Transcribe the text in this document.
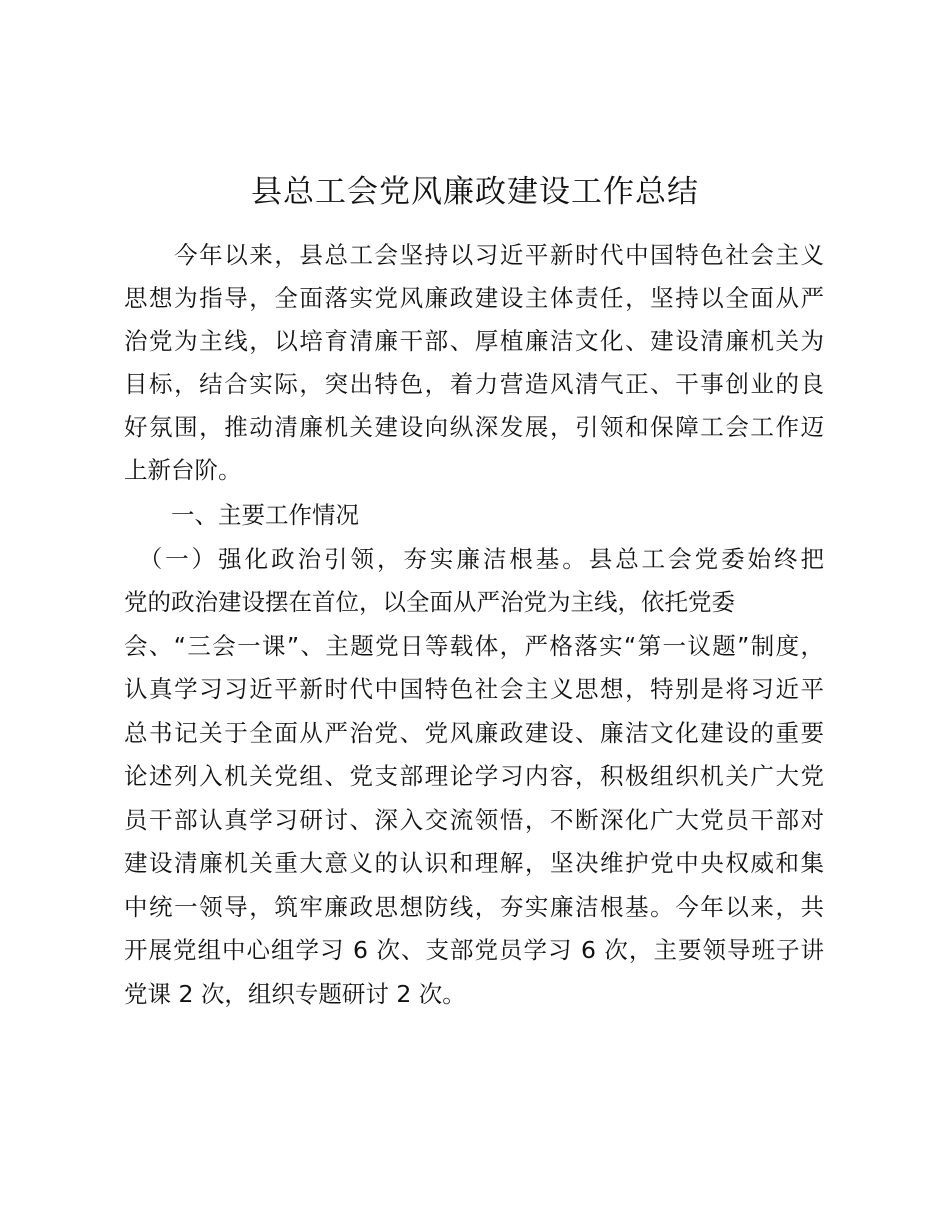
县总工会党风廉政建设工作总结
　　今年以来，县总工会坚持以习近平新时代中国特色社会主义
思想为指导，全面落实党风廉政建设主体责任，坚持以全面从严
治党为主线，以培育清廉干部、厚植廉洁文化、建设清廉机关为
目标，结合实际，突出特色，着力营造风清气正、干事创业的良
好氛围，推动清廉机关建设向纵深发展，引领和保障工会工作迈
上新台阶。
　　一、主要工作情况
　（一）强化政治引领，夯实廉洁根基。县总工会党委始终把
党的政治建设摆在首位，以全面从严治党为主线，依托党委
会、“三会一课”、主题党日等载体，严格落实“第一议题”制度，
认真学习习近平新时代中国特色社会主义思想，特别是将习近平
总书记关于全面从严治党、党风廉政建设、廉洁文化建设的重要
论述列入机关党组、党支部理论学习内容，积极组织机关广大党
员干部认真学习研讨、深入交流领悟，不断深化广大党员干部对
建设清廉机关重大意义的认识和理解，坚决维护党中央权威和集
中统一领导，筑牢廉政思想防线，夯实廉洁根基。今年以来，共
开展党组中心组学习 6 次、支部党员学习 6 次，主要领导班子讲
党课 2 次，组织专题研讨 2 次。
